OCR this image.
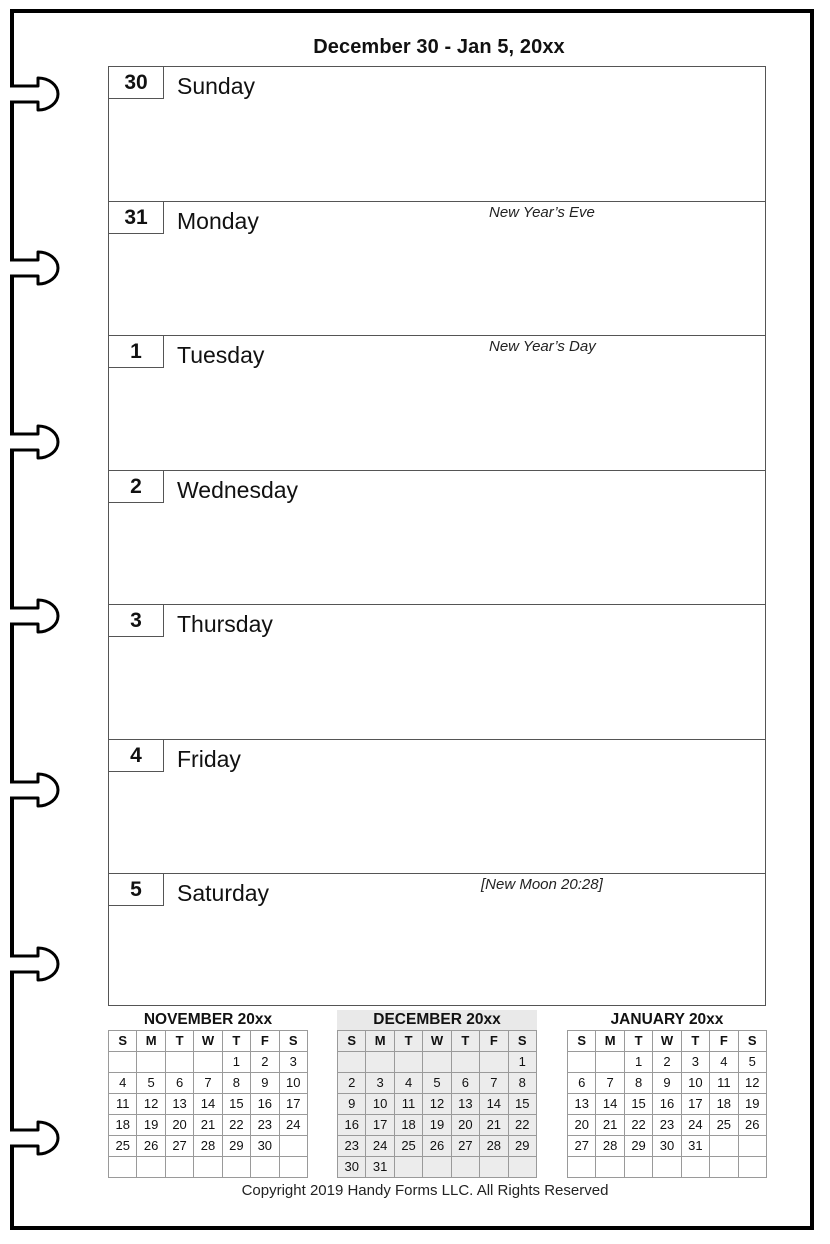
December 30 - Jan 5, 20xx
30	Sunday
31	Monday	New Year’s Eve
1	Tuesday	New Year’s Day
2	Wednesday
3	Thursday
4	Friday
5	Saturday	[New Moon 20:28]
NOVEMBER 20xx
S	M	T	W	T	F	S
				1	2	3
4	5	6	7	8	9	10
11	12	13	14	15	16	17
18	19	20	21	22	23	24
25	26	27	28	29	30	

DECEMBER 20xx
S	M	T	W	T	F	S
						1
2	3	4	5	6	7	8
9	10	11	12	13	14	15
16	17	18	19	20	21	22
23	24	25	26	27	28	29
30	31					
JANUARY 20xx
S	M	T	W	T	F	S
		1	2	3	4	5
6	7	8	9	10	11	12
13	14	15	16	17	18	19
20	21	22	23	24	25	26
27	28	29	30	31		

Copyright 2019 Handy Forms LLC. All Rights Reserved
